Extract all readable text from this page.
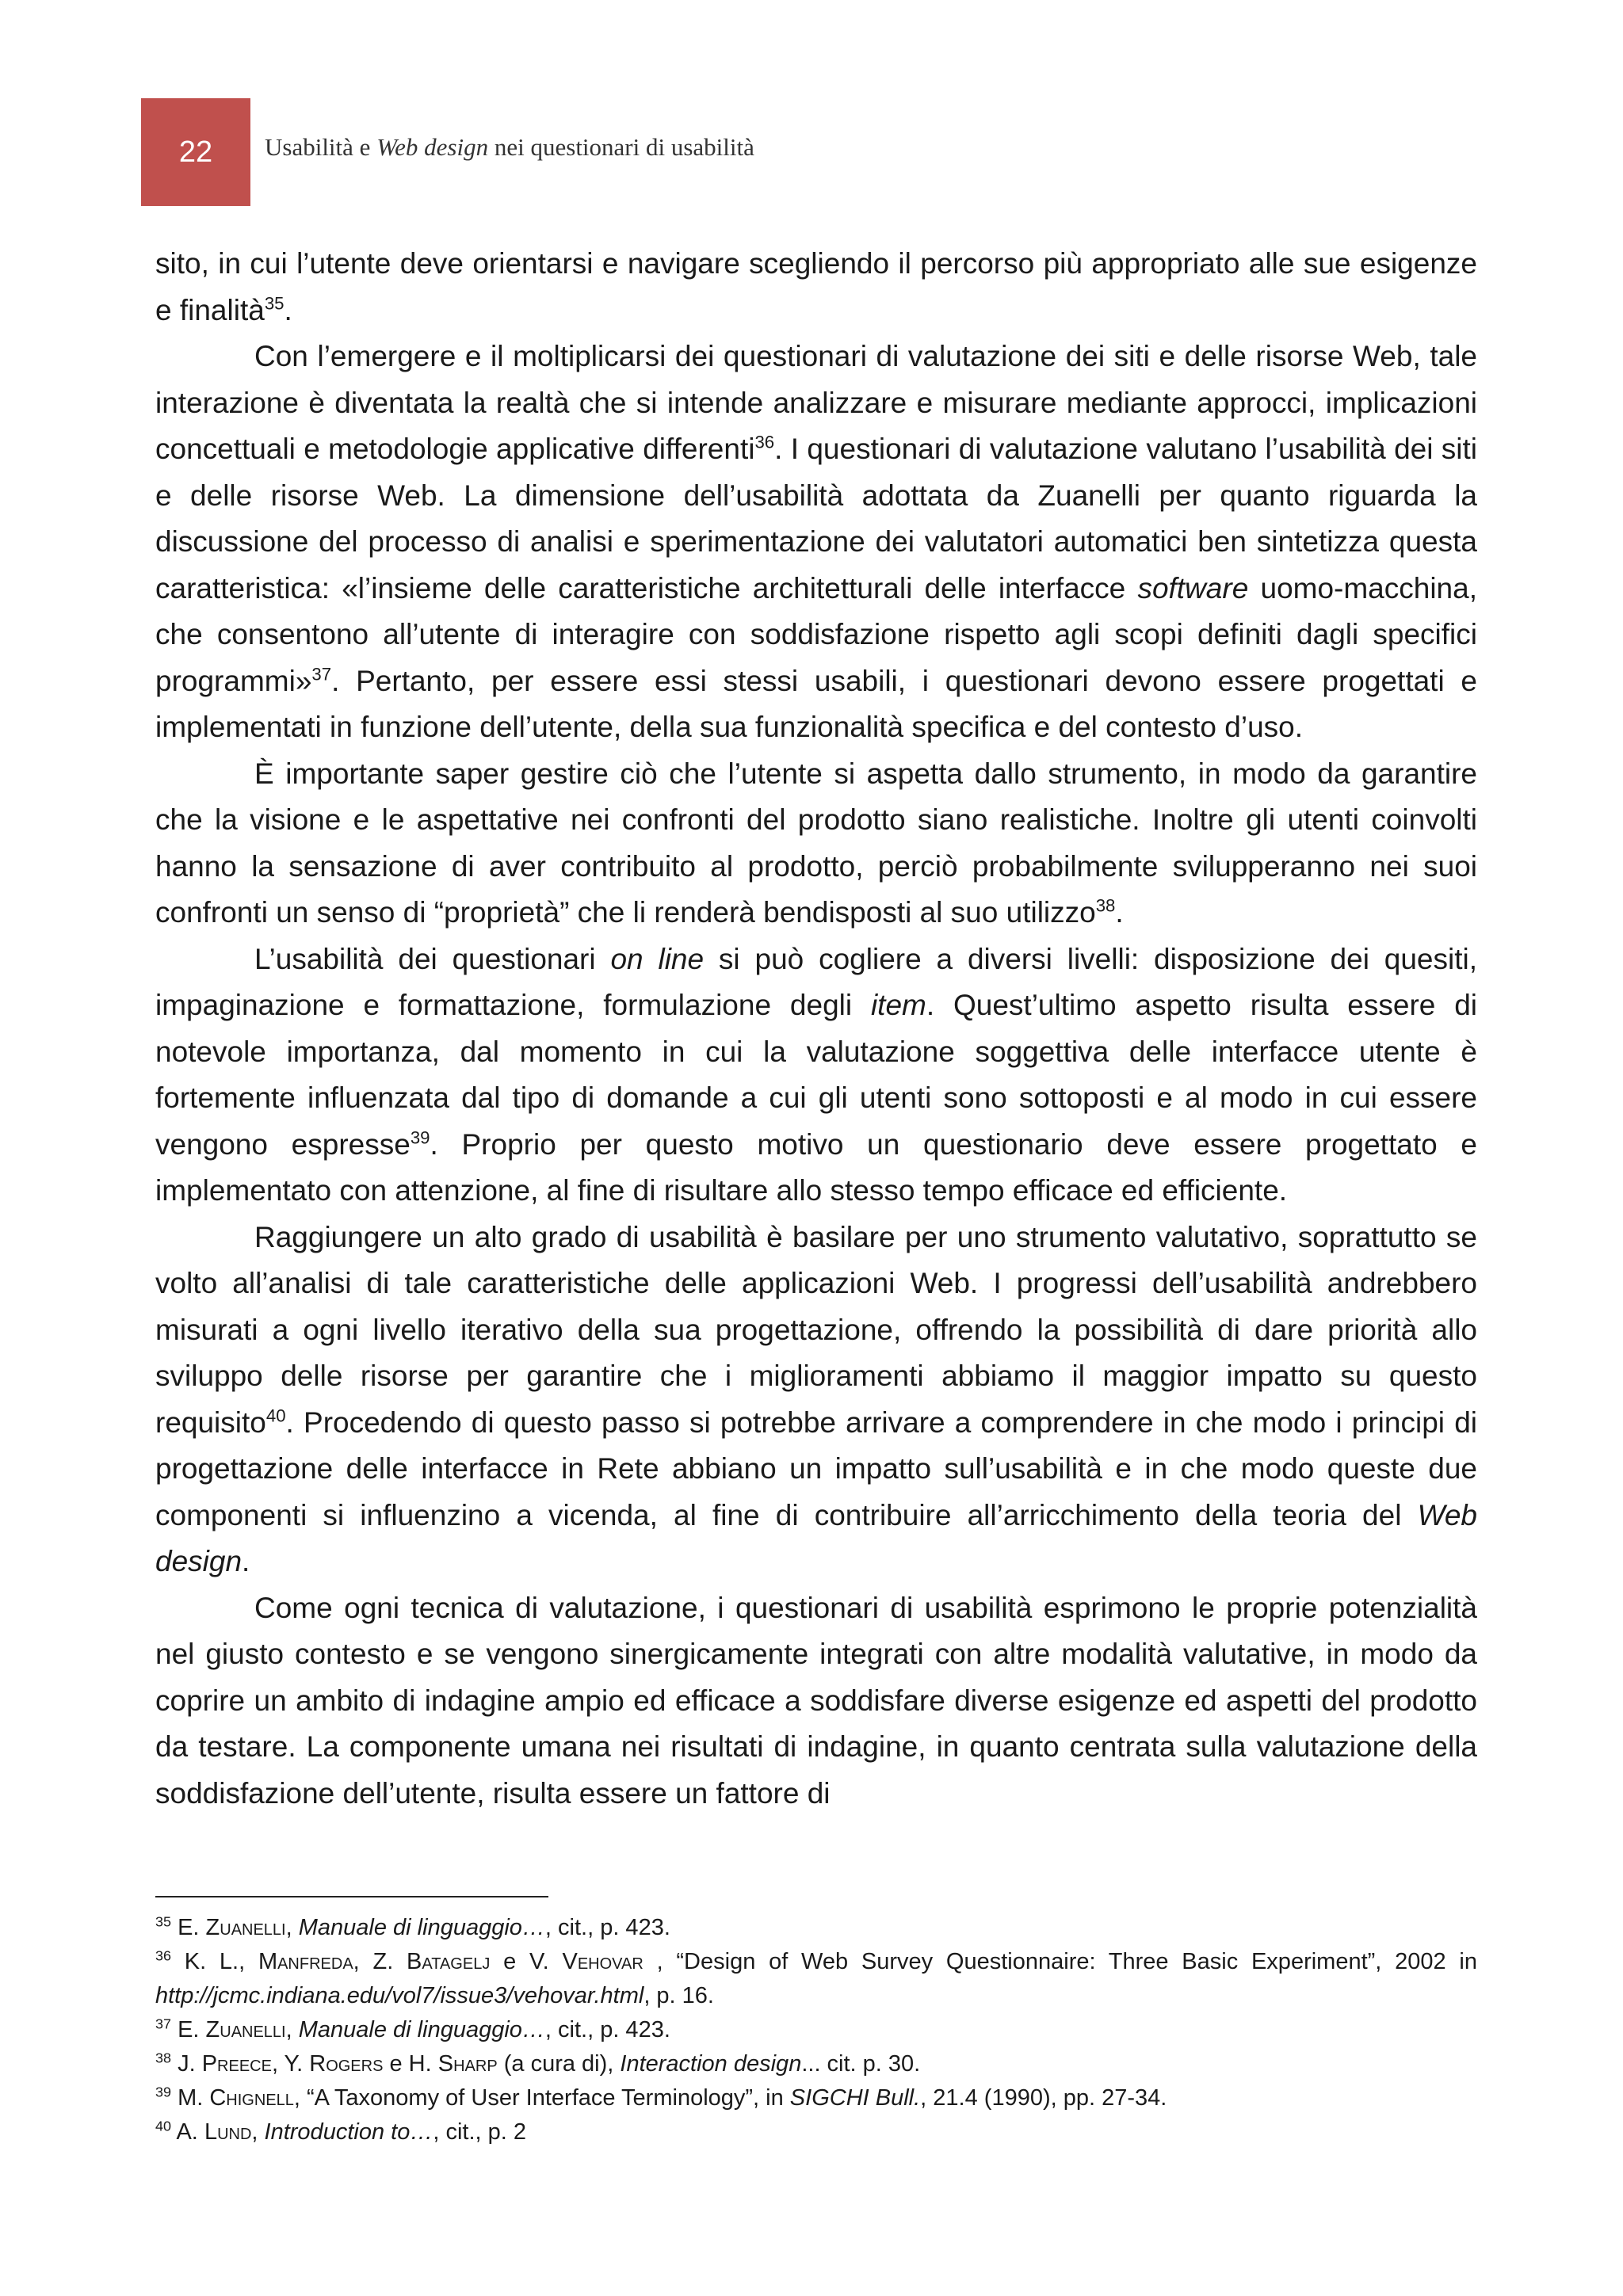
22 Usabilità e Web design nei questionari di usabilità

sito, in cui l’utente deve orientarsi e navigare scegliendo il percorso più appropriato alle sue esigenze e finalità$^{35}$.

Con l’emergere e il moltiplicarsi dei questionari di valutazione dei siti e delle risorse Web, tale interazione è diventata la realtà che si intende analizzare e misurare mediante approcci, implicazioni concettuali e metodologie applicative differenti$^{36}$. I questionari di valutazione valutano l’usabilità dei siti e delle risorse Web. La dimensione dell’usabilità adottata da Zuanelli per quanto riguarda la discussione del processo di analisi e sperimentazione dei valutatori automatici ben sintetizza questa caratteristica: «l’insieme delle caratteristiche architetturali delle interfacce software uomo-macchina, che consentono all’utente di interagire con soddisfazione rispetto agli scopi definiti dagli specifici programmi»$^{37}$. Pertanto, per essere essi stessi usabili, i questionari devono essere progettati e implementati in funzione dell’utente, della sua funzionalità specifica e del contesto d’uso.

È importante saper gestire ciò che l’utente si aspetta dallo strumento, in modo da garantire che la visione e le aspettative nei confronti del prodotto siano realistiche. Inoltre gli utenti coinvolti hanno la sensazione di aver contribuito al prodotto, perciò probabilmente svilupperanno nei suoi confronti un senso di “proprietà” che li renderà bendisposti al suo utilizzo$^{38}$.

L’usabilità dei questionari on line si può cogliere a diversi livelli: disposizione dei quesiti, impaginazione e formattazione, formulazione degli item. Quest’ultimo aspetto risulta essere di notevole importanza, dal momento in cui la valutazione soggettiva delle interfacce utente è fortemente influenzata dal tipo di domande a cui gli utenti sono sottoposti e al modo in cui essere vengono espresse$^{39}$. Proprio per questo motivo un questionario deve essere progettato e implementato con attenzione, al fine di risultare allo stesso tempo efficace ed efficiente.

Raggiungere un alto grado di usabilità è basilare per uno strumento valutativo, soprattutto se volto all’analisi di tale caratteristiche delle applicazioni Web. I progressi dell’usabilità andrebbero misurati a ogni livello iterativo della sua progettazione, offrendo la possibilità di dare priorità allo sviluppo delle risorse per garantire che i miglioramenti abbiamo il maggior impatto su questo requisito$^{40}$. Procedendo di questo passo si potrebbe arrivare a comprendere in che modo i principi di progettazione delle interfacce in Rete abbiano un impatto sull’usabilità e in che modo queste due componenti si influenzino a vicenda, al fine di contribuire all’arricchimento della teoria del Web design.

Come ogni tecnica di valutazione, i questionari di usabilità esprimono le proprie potenzialità nel giusto contesto e se vengono sinergicamente integrati con altre modalità valutative, in modo da coprire un ambito di indagine ampio ed efficace a soddisfare diverse esigenze ed aspetti del prodotto da testare. La componente umana nei risultati di indagine, in quanto centrata sulla valutazione della soddisfazione dell’utente, risulta essere un fattore di

$^{35}$ E. Zuanelli, Manuale di linguaggio…, cit., p. 423.

$^{36}$ K. L., Manfreda, Z. Batagelj e V. Vehovar , “Design of Web Survey Questionnaire: Three Basic Experiment”, 2002 in http://jcmc.indiana.edu/vol7/issue3/vehovar.html, p. 16.

$^{37}$ E. Zuanelli, Manuale di linguaggio…, cit., p. 423.

$^{38}$ J. Preece, Y. Rogers e H. Sharp (a cura di), Interaction design... cit. p. 30.

$^{39}$ M. Chignell, “A Taxonomy of User Interface Terminology”, in SIGCHI Bull., 21.4 (1990), pp. 27-34.

$^{40}$ A. Lund, Introduction to…, cit., p. 2
